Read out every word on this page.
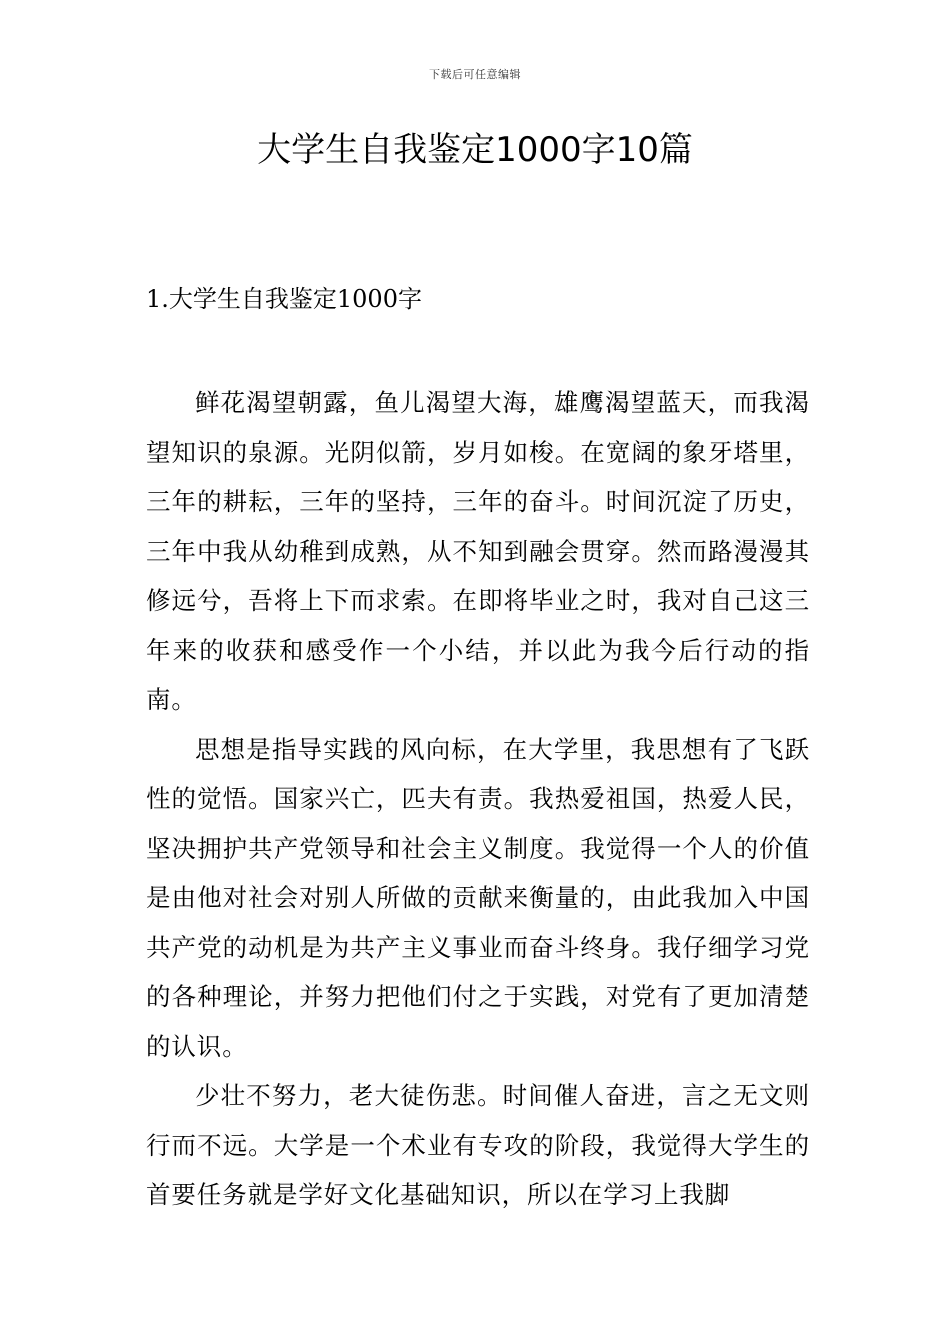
下载后可任意编辑
大学生自我鉴定1000字10篇
1.大学生自我鉴定1000字

鲜花渴望朝露，鱼儿渴望大海，雄鹰渴望蓝天，而我渴望知识的泉源。光阴似箭，岁月如梭。在宽阔的象牙塔里，三年的耕耘，三年的坚持，三年的奋斗。时间沉淀了历史，三年中我从幼稚到成熟，从不知到融会贯穿。然而路漫漫其修远兮，吾将上下而求索。在即将毕业之时，我对自己这三年来的收获和感受作一个小结，并以此为我今后行动的指南。

思想是指导实践的风向标，在大学里，我思想有了飞跃性的觉悟。国家兴亡，匹夫有责。我热爱祖国，热爱人民，坚决拥护共产党领导和社会主义制度。我觉得一个人的价值是由他对社会对别人所做的贡献来衡量的，由此我加入中国共产党的动机是为共产主义事业而奋斗终身。我仔细学习党的各种理论，并努力把他们付之于实践，对党有了更加清楚的认识。

少壮不努力，老大徒伤悲。时间催人奋进，言之无文则行而不远。大学是一个术业有专攻的阶段，我觉得大学生的首要任务就是学好文化基础知识，所以在学习上我脚
